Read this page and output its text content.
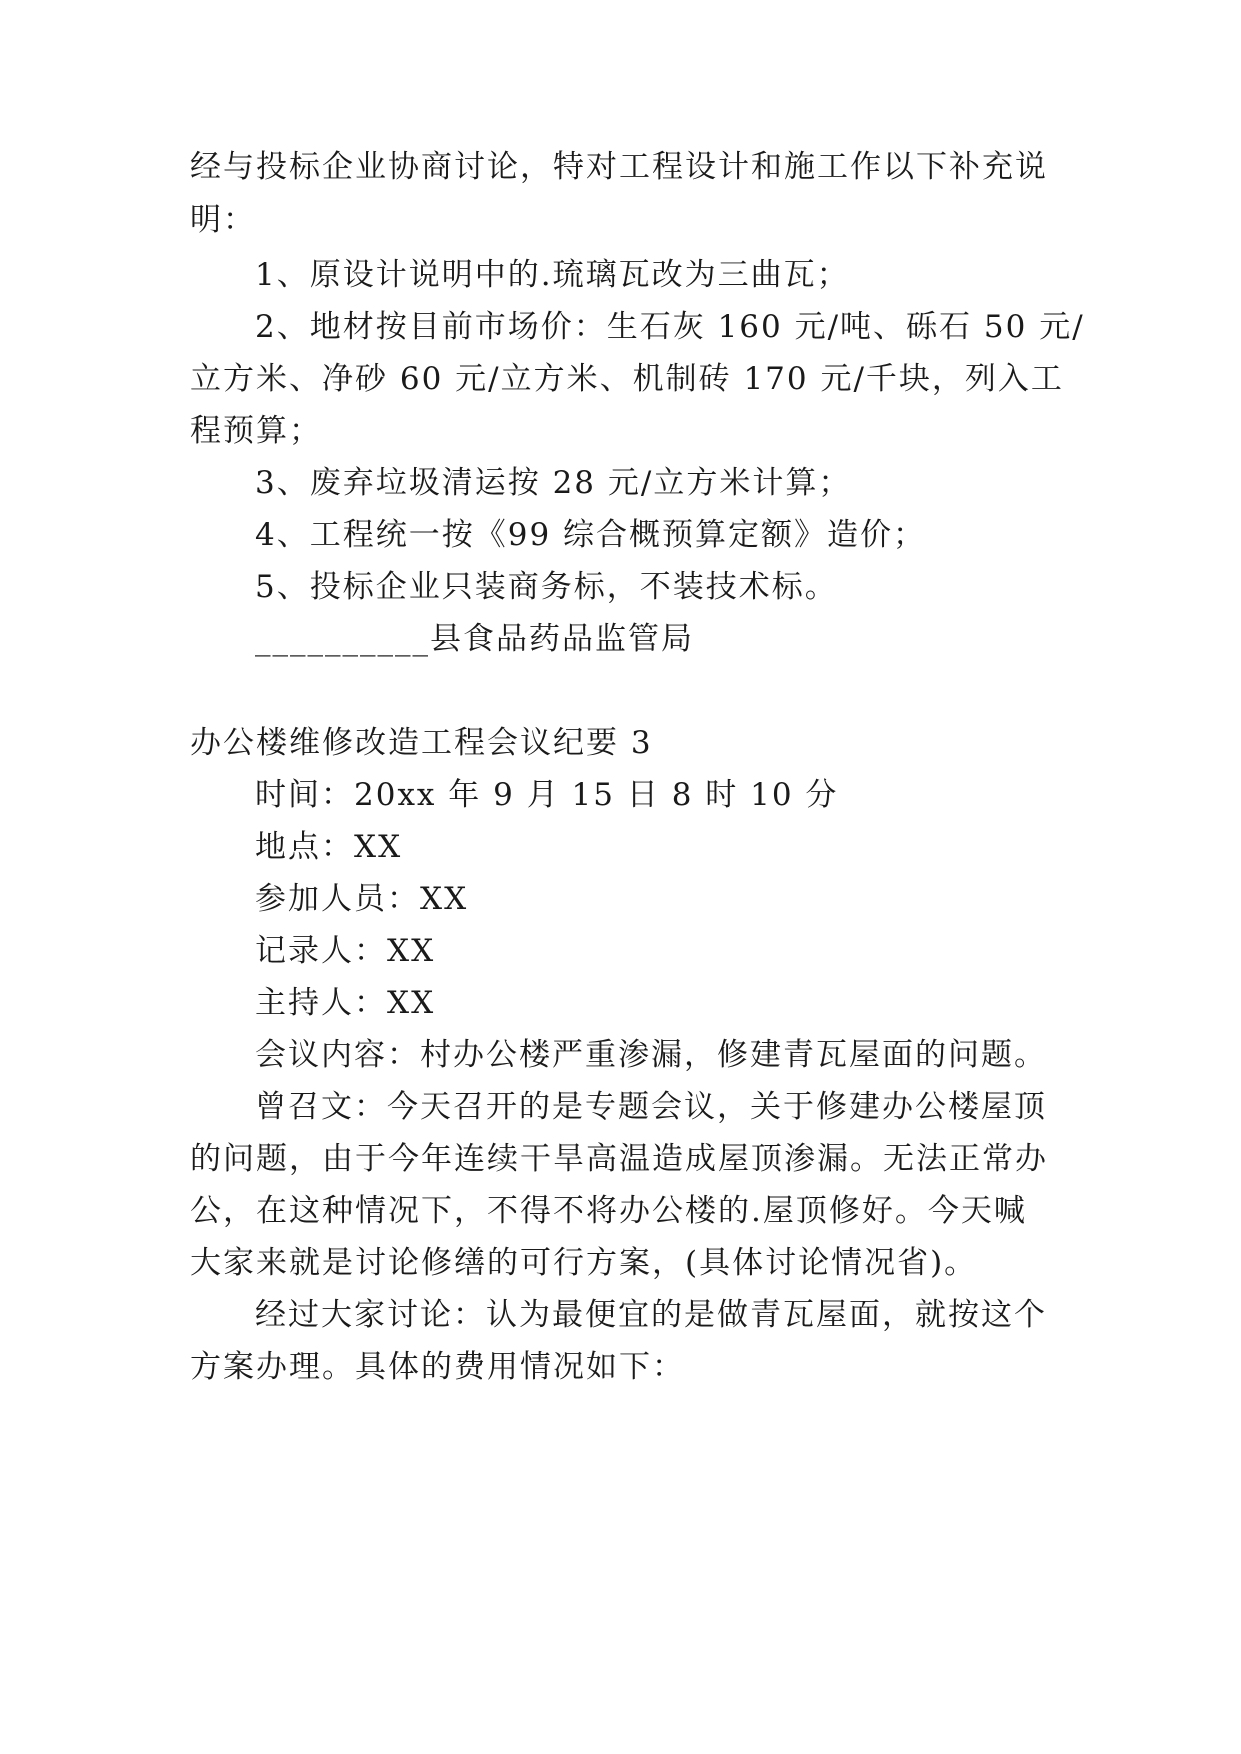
经与投标企业协商讨论，特对工程设计和施工作以下补充说
明：
1、原设计说明中的.琉璃瓦改为三曲瓦；
2、地材按目前市场价：生石灰 160 元/吨、砾石 50 元/
立方米、净砂 60 元/立方米、机制砖 170 元/千块，列入工
程预算；
3、废弃垃圾清运按 28 元/立方米计算；
4、工程统一按《99 综合概预算定额》造价；
5、投标企业只装商务标，不装技术标。
__________县食品药品监管局
办公楼维修改造工程会议纪要 3
时间：20xx 年 9 月 15 日 8 时 10 分
地点：XX
参加人员：XX
记录人：XX
主持人：XX
会议内容：村办公楼严重渗漏，修建青瓦屋面的问题。
曾召文：今天召开的是专题会议，关于修建办公楼屋顶
的问题，由于今年连续干旱高温造成屋顶渗漏。无法正常办
公，在这种情况下，不得不将办公楼的.屋顶修好。今天喊
大家来就是讨论修缮的可行方案，(具体讨论情况省)。
经过大家讨论：认为最便宜的是做青瓦屋面，就按这个
方案办理。具体的费用情况如下：
